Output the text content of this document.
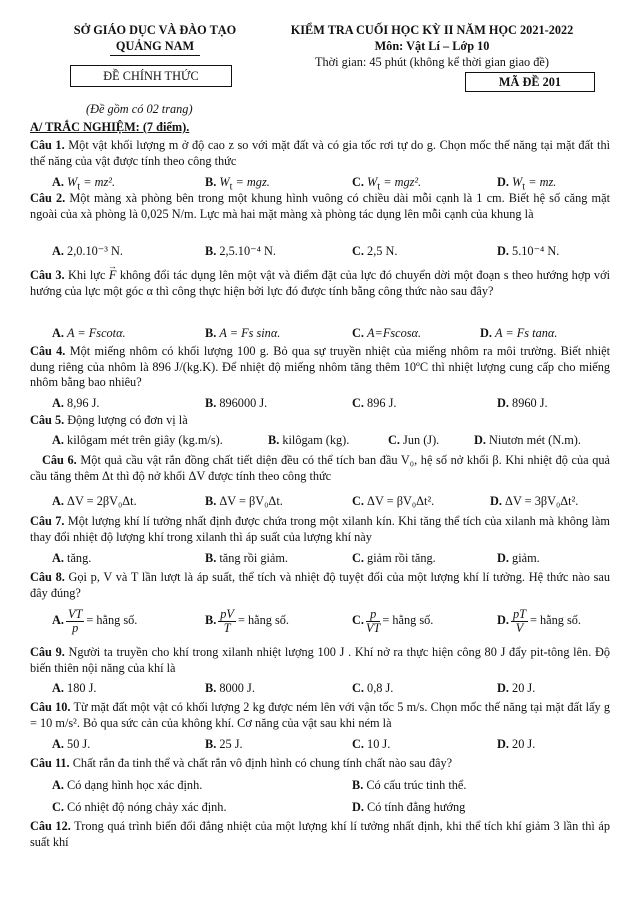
SỞ GIÁO DỤC VÀ ĐÀO TẠO
QUẢNG NAM
KIỂM TRA CUỐI HỌC KỲ II NĂM HỌC 2021-2022
Môn: Vật Lí – Lớp 10
Thời gian: 45 phút (không kể thời gian giao đề)
ĐỀ CHÍNH THỨC	MÃ ĐỀ 201
(Đề gồm có 02 trang)
A/ TRẮC NGHIỆM: (7 điểm).
Câu 1. Một vật khối lượng m ở độ cao z so với mặt đất và có gia tốc rơi tự do g. Chọn mốc thế năng tại mặt đất thì thế năng của vật được tính theo công thức
A. $W_t = mz^2$.	B. $W_t$ = mgz.	C. $W_t = mgz^2$.	D. $W_t$ = mz.
Câu 2. Một màng xà phòng bên trong một khung hình vuông có chiều dài mỗi cạnh là 1 cm. Biết hệ số căng mặt ngoài của xà phòng là 0,025 N/m. Lực mà hai mặt màng xà phòng tác dụng lên mỗi cạnh của khung là
A. 2,0.10⁻³ N.	B. 2,5.10⁻⁴ N.	C. 2,5 N.	D. 5.10⁻⁴ N.
Câu 3. Khi lực F → không đổi tác dụng lên một vật và điểm đặt của lực đó chuyển dời một đoạn s theo hướng hợp với hướng của lực một góc α thì công thực hiện bởi lực đó được tính bằng công thức nào sau đây?
A. A = Fscotα.	B. A = Fs sinα.	C. A=Fscosα.	D. A = Fs tanα.
Câu 4. Một miếng nhôm có khối lượng 100 g. Bỏ qua sự truyền nhiệt của miếng nhôm ra môi trường. Biết nhiệt dung riêng của nhôm là 896 J/(kg.K). Để nhiệt độ miếng nhôm tăng thêm 10ºC thì nhiệt lượng cung cấp cho miếng nhôm bằng bao nhiêu?
A. 8,96 J.	B. 896000 J.	C. 896 J.	D. 8960 J.
Câu 5. Động lượng có đơn vị là
A. kilôgam mét trên giây (kg.m/s).	B. kilôgam (kg).	C. Jun (J).	D. Niutơn mét (N.m).
Câu 6. Một quả cầu vật rắn đồng chất tiết diện đều có thể tích ban đầu V₀, hệ số nở khối β. Khi nhiệt độ của quả cầu tăng thêm Δt thì độ nở khối ΔV được tính theo công thức
A. ΔV = 2βV₀Δt.	B. ΔV = βV₀Δt.	C. ΔV = βV₀Δt².	D. ΔV = 3βV₀Δt².
Câu 7. Một lượng khí lí tưởng nhất định được chứa trong một xilanh kín. Khi tăng thể tích của xilanh mà không làm thay đổi nhiệt độ lượng khí trong xilanh thì áp suất của lượng khí này
A. tăng.	B. tăng rồi giảm.	C. giảm rồi tăng.	D. giảm.
Câu 8. Gọi p, V và T lần lượt là áp suất, thể tích và nhiệt độ tuyệt đối của một lượng khí lí tưởng. Hệ thức nào sau đây đúng?
A. $\frac{VT}{p}$ = hằng số.	B. $\frac{pV}{T}$ = hằng số.	C. $\frac{p}{VT}$ = hằng số.	D. $\frac{pT}{V}$ = hằng số.
Câu 9. Người ta truyền cho khí trong xilanh nhiệt lượng 100 J . Khí nở ra thực hiện công 80 J đẩy pit-tông lên. Độ biến thiên nội năng của khí là
A. 180 J.	B. 8000 J.	C. 0,8 J.	D. 20 J.
Câu 10. Từ mặt đất một vật có khối lượng 2 kg được ném lên với vận tốc 5 m/s. Chọn mốc thế năng tại mặt đất lấy g = 10 m/s². Bỏ qua sức cản của không khí. Cơ năng của vật sau khi ném là
A. 50 J.	B. 25 J.	C. 10 J.	D. 20 J.
Câu 11. Chất rắn đa tinh thể và chất rắn vô định hình có chung tính chất nào sau đây?
A. Có dạng hình học xác định.	B. Có cấu trúc tinh thể.
C. Có nhiệt độ nóng chảy xác định.	D. Có tính đẳng hướng
Câu 12. Trong quá trình biến đổi đẳng nhiệt của một lượng khí lí tưởng nhất định, khi thể tích khí giảm 3 lần thì áp suất khí
